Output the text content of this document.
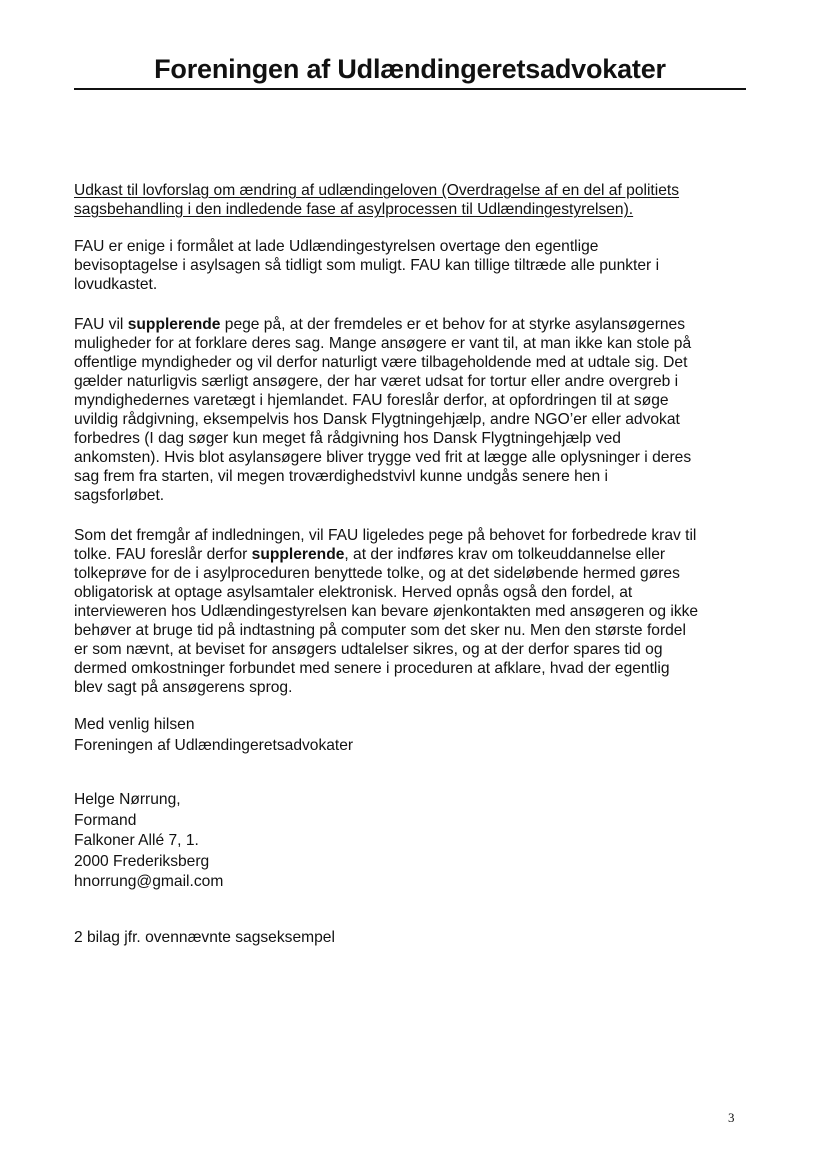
Foreningen af Udlændingeretsadvokater
Udkast til lovforslag om ændring af udlændingeloven (Overdragelse af en del af politiets
sagsbehandling i den indledende fase af asylprocessen til Udlændingestyrelsen).
FAU er enige i formålet at lade Udlændingestyrelsen overtage den egentlige
bevisoptagelse i asylsagen så tidligt som muligt. FAU kan tillige tiltræde alle punkter i
lovudkastet.
FAU vil supplerende pege på, at der fremdeles er et behov for at styrke asylansøgernes
muligheder for at forklare deres sag. Mange ansøgere er vant til, at man ikke kan stole på
offentlige myndigheder og vil derfor naturligt være tilbageholdende med at udtale sig. Det
gælder naturligvis særligt ansøgere, der har været udsat for tortur eller andre overgreb i
myndighedernes varetægt i hjemlandet. FAU foreslår derfor, at opfordringen til at søge
uvildig rådgivning, eksempelvis hos Dansk Flygtningehjælp, andre NGO’er eller advokat
forbedres (I dag søger kun meget få rådgivning hos Dansk Flygtningehjælp ved
ankomsten). Hvis blot asylansøgere bliver trygge ved frit at lægge alle oplysninger i deres
sag frem fra starten, vil megen troværdighedstvivl kunne undgås senere hen i
sagsforløbet.
Som det fremgår af indledningen, vil FAU ligeledes pege på behovet for forbedrede krav til
tolke. FAU foreslår derfor supplerende, at der indføres krav om tolkeuddannelse eller
tolkeprøve for de i asylproceduren benyttede tolke, og at det sideløbende hermed gøres
obligatorisk at optage asylsamtaler elektronisk. Herved opnås også den fordel, at
intervieweren hos Udlændingestyrelsen kan bevare øjenkontakten med ansøgeren og ikke
behøver at bruge tid på indtastning på computer som det sker nu. Men den største fordel
er som nævnt, at beviset for ansøgers udtalelser sikres, og at der derfor spares tid og
dermed omkostninger forbundet med senere i proceduren at afklare, hvad der egentlig
blev sagt på ansøgerens sprog.
Med venlig hilsen
Foreningen af Udlændingeretsadvokater
Helge Nørrung,
Formand
Falkoner Allé 7, 1.
2000 Frederiksberg
hnorrung@gmail.com
2 bilag jfr. ovennævnte sagseksempel
3
